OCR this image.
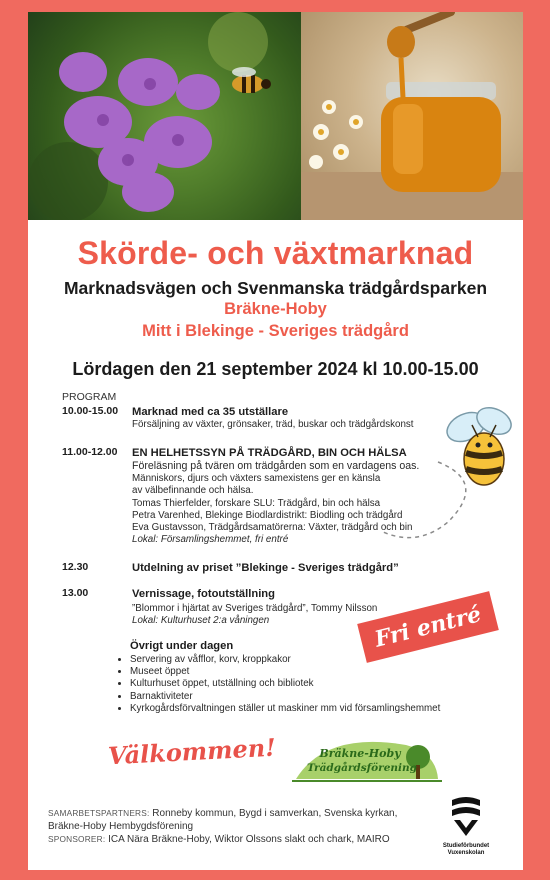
Skörde- och växtmarknad
Marknadsvägen och Svenmanska trädgårdsparken
Bräkne-Hoby
Mitt i Blekinge - Sveriges trädgård
Lördagen den 21 september 2024 kl 10.00-15.00
PROGRAM
10.00-15.00 Marknad med ca 35 utställare
Försäljning av växter, grönsaker, träd, buskar och trädgårdskonst
11.00-12.00 EN HELHETSSYN PÅ TRÄDGÅRD, BIN OCH HÄLSA
Föreläsning på tvären om trädgården som en vardagens oas.
Människors, djurs och växters samexistens ger en känsla
av välbefinnande och hälsa.
Tomas Thierfelder, forskare SLU: Trädgård, bin och hälsa
Petra Varenhed, Blekinge Biodlardistrikt: Biodling och trädgård
Eva Gustavsson, Trädgårdsamatörerna: Växter, trädgård och bin
Lokal: Församlingshemmet, fri entré
12.30	Utdelning av priset ”Blekinge - Sveriges trädgård”
13.00	Vernissage, fotoutställning
”Blommor i hjärtat av Sveriges trädgård”, Tommy Nilsson
Lokal: Kulturhuset 2:a våningen
Övrigt under dagen
• Servering av våfflor, korv, kroppkakor
• Museet öppet
• Kulturhuset öppet, utställning och bibliotek
• Barnaktiviteter
• Kyrkogårdsförvaltningen ställer ut maskiner mm vid församlingshemmet
Fri entré
Välkommen!	Bräkne-Hoby
Trädgårdsförening
SAMARBETSPARTNERS: Ronneby kommun, Bygd i samverkan, Svenska kyrkan,
Bräkne-Hoby Hembygdsförening
SPONSORER: ICA Nära Bräkne-Hoby, Wiktor Olssons slakt och chark, MAIRO
Studieförbundet
Vuxenskolan
